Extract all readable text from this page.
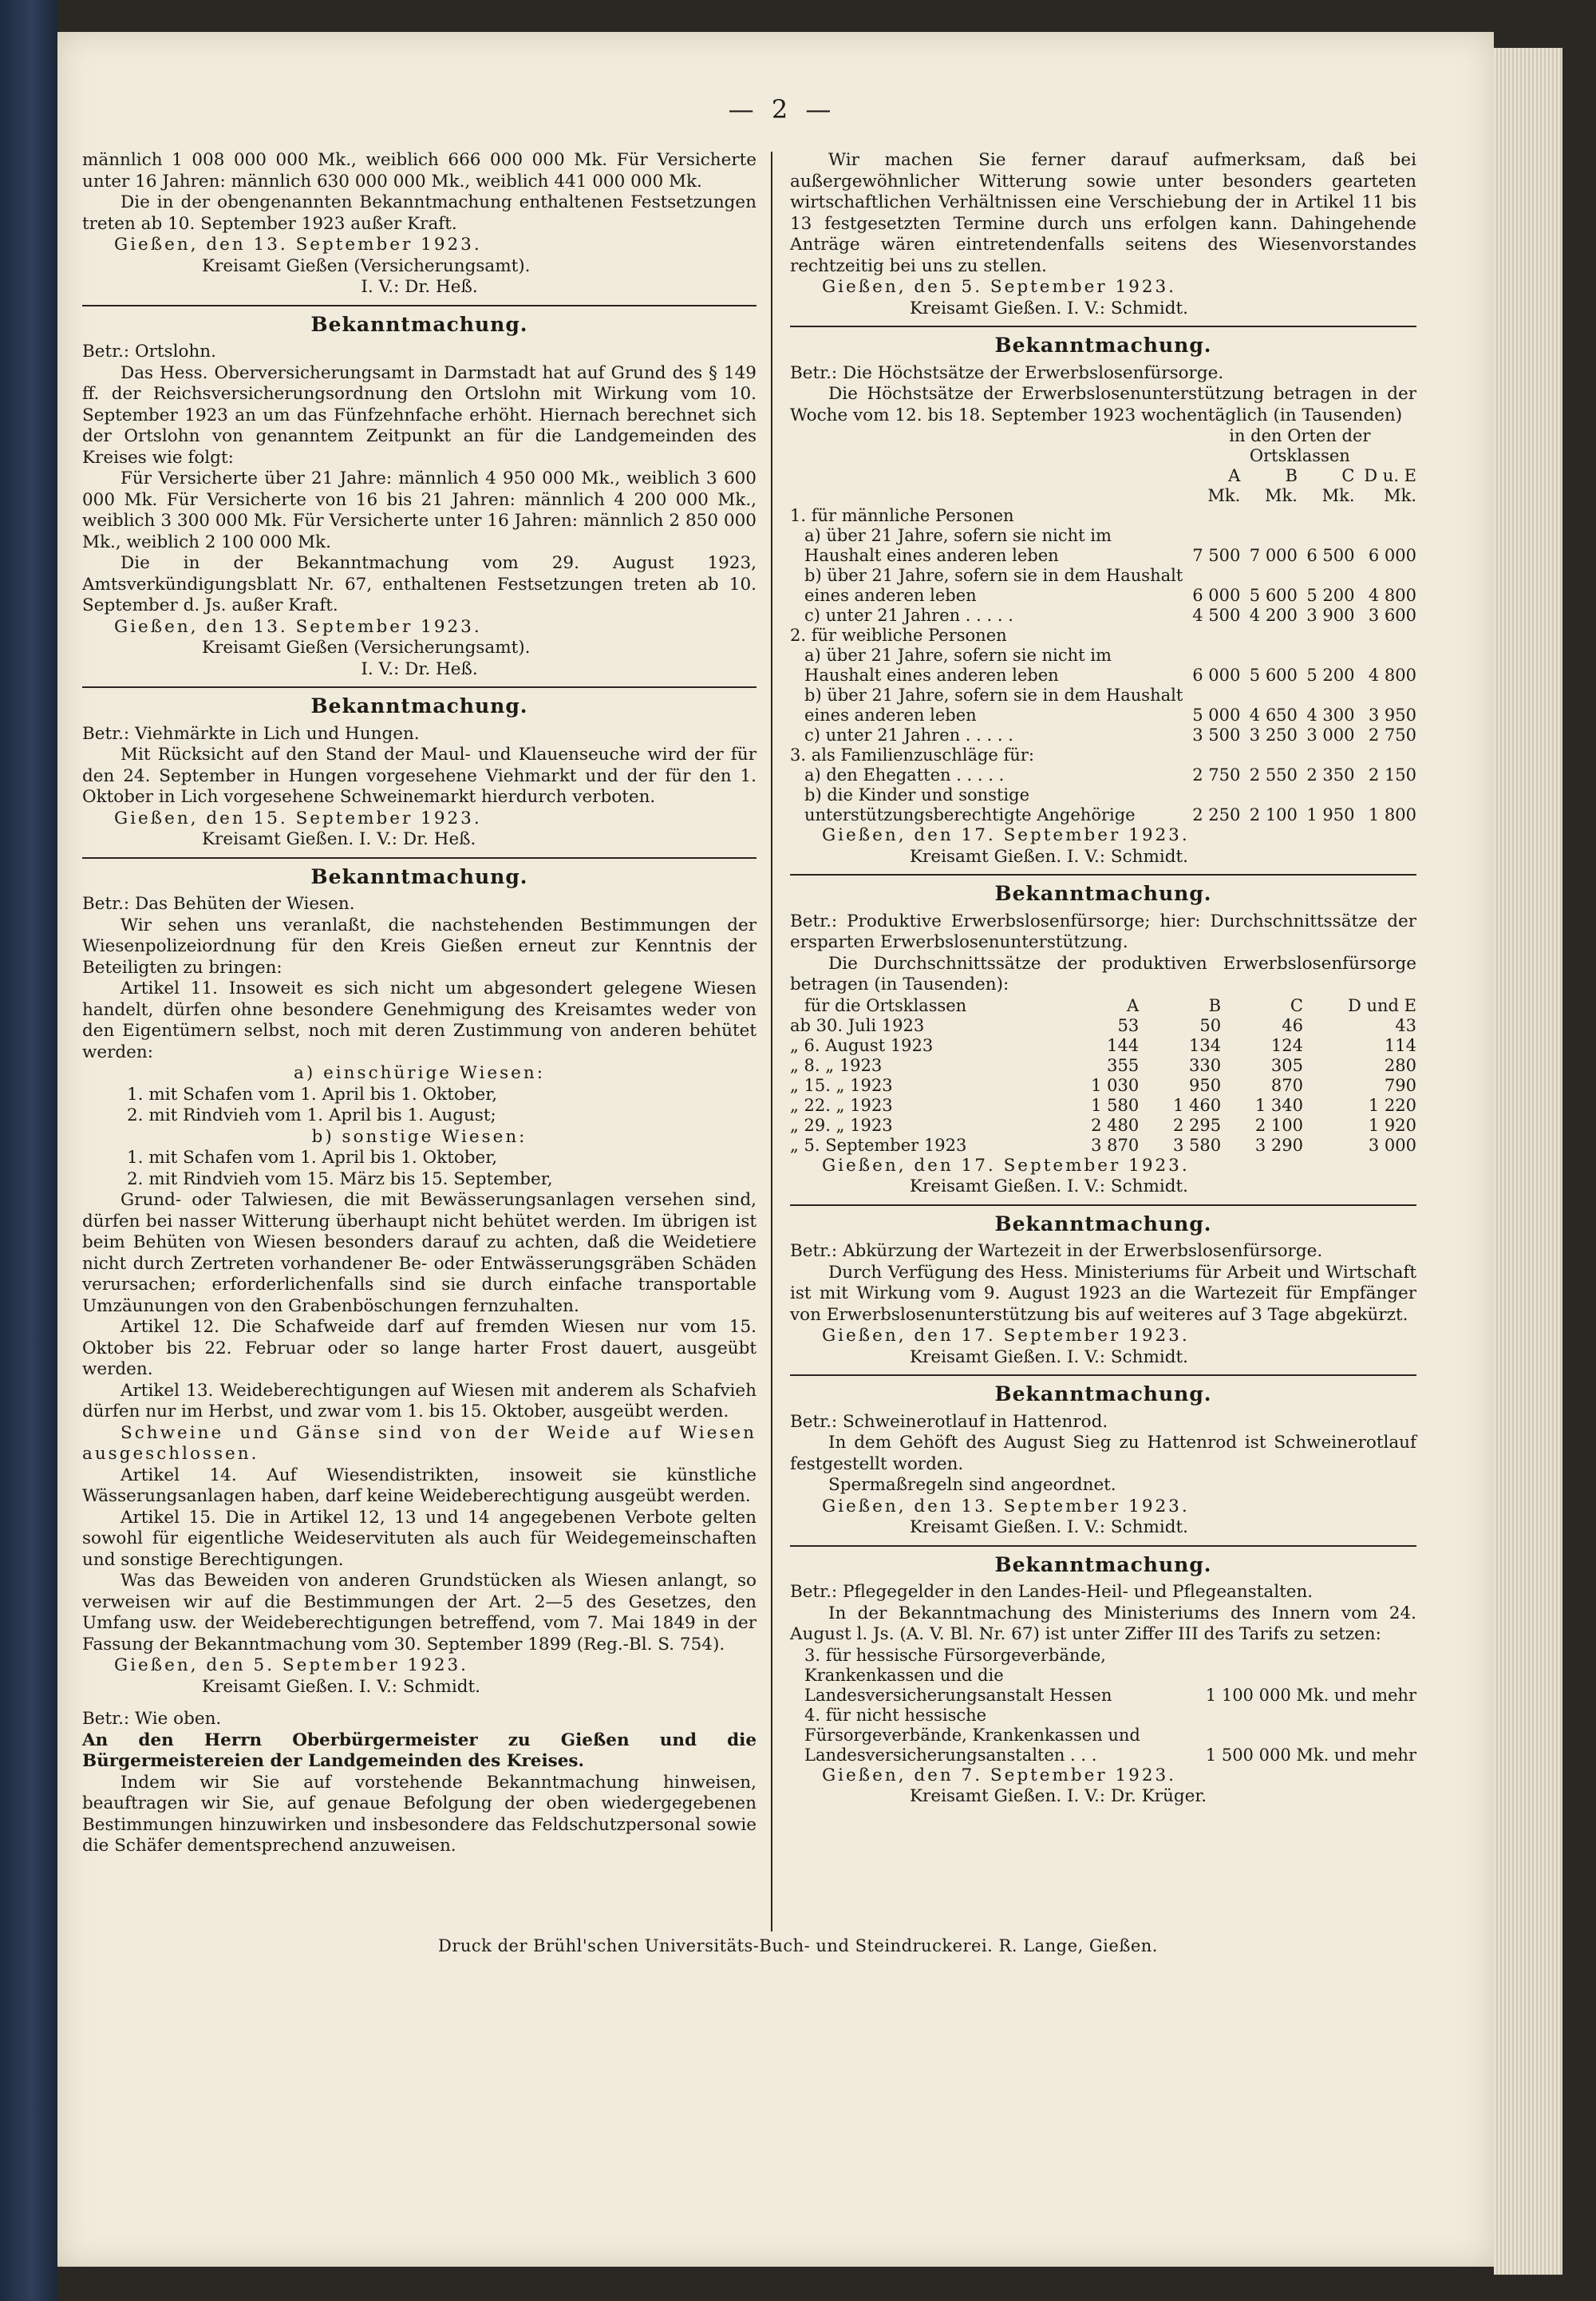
— 2 —

männlich 1 008 000 000 Mk., weiblich 666 000 000 Mk. Für Versicherte unter 16 Jahren: männlich 630 000 000 Mk., weiblich 441 000 000 Mk.

Die in der obengenannten Bekanntmachung enthaltenen Festsetzungen treten ab 10. September 1923 außer Kraft.

Gießen, den 13. September 1923.

Kreisamt Gießen (Versicherungsamt).

I. V.: Dr. Heß.

Bekanntmachung.

Betr.: Ortslohn.

Das Hess. Oberversicherungsamt in Darmstadt hat auf Grund des § 149 ff. der Reichsversicherungsordnung den Ortslohn mit Wirkung vom 10. September 1923 an um das Fünfzehnfache erhöht. Hiernach berechnet sich der Ortslohn von genanntem Zeitpunkt an für die Landgemeinden des Kreises wie folgt:

Für Versicherte über 21 Jahre: männlich 4 950 000 Mk., weiblich 3 600 000 Mk. Für Versicherte von 16 bis 21 Jahren: männlich 4 200 000 Mk., weiblich 3 300 000 Mk. Für Versicherte unter 16 Jahren: männlich 2 850 000 Mk., weiblich 2 100 000 Mk.

Die in der Bekanntmachung vom 29. August 1923, Amtsverkündigungsblatt Nr. 67, enthaltenen Festsetzungen treten ab 10. September d. Js. außer Kraft.

Gießen, den 13. September 1923.

Kreisamt Gießen (Versicherungsamt).

I. V.: Dr. Heß.

Bekanntmachung.

Betr.: Viehmärkte in Lich und Hungen.

Mit Rücksicht auf den Stand der Maul- und Klauenseuche wird der für den 24. September in Hungen vorgesehene Viehmarkt und der für den 1. Oktober in Lich vorgesehene Schweinemarkt hierdurch verboten.

Gießen, den 15. September 1923.

Kreisamt Gießen. I. V.: Dr. Heß.

Bekanntmachung.

Betr.: Das Behüten der Wiesen.

Wir sehen uns veranlaßt, die nachstehenden Bestimmungen der Wiesenpolizeiordnung für den Kreis Gießen erneut zur Kenntnis der Beteiligten zu bringen:

Artikel 11. Insoweit es sich nicht um abgesondert gelegene Wiesen handelt, dürfen ohne besondere Genehmigung des Kreisamtes weder von den Eigentümern selbst, noch mit deren Zustimmung von anderen behütet werden:

a) einschürige Wiesen:

1. mit Schafen vom 1. April bis 1. Oktober,

2. mit Rindvieh vom 1. April bis 1. August;

b) sonstige Wiesen:

1. mit Schafen vom 1. April bis 1. Oktober,

2. mit Rindvieh vom 15. März bis 15. September,

Grund- oder Talwiesen, die mit Bewässerungsanlagen versehen sind, dürfen bei nasser Witterung überhaupt nicht behütet werden. Im übrigen ist beim Behüten von Wiesen besonders darauf zu achten, daß die Weidetiere nicht durch Zertreten vorhandener Be- oder Entwässerungsgräben Schäden verursachen; erforderlichenfalls sind sie durch einfache transportable Umzäunungen von den Grabenböschungen fernzuhalten.

Artikel 12. Die Schafweide darf auf fremden Wiesen nur vom 15. Oktober bis 22. Februar oder so lange harter Frost dauert, ausgeübt werden.

Artikel 13. Weideberechtigungen auf Wiesen mit anderem als Schafvieh dürfen nur im Herbst, und zwar vom 1. bis 15. Oktober, ausgeübt werden.

Schweine und Gänse sind von der Weide auf Wiesen ausgeschlossen.

Artikel 14. Auf Wiesendistrikten, insoweit sie künstliche Wässerungsanlagen haben, darf keine Weideberechtigung ausgeübt werden.

Artikel 15. Die in Artikel 12, 13 und 14 angegebenen Verbote gelten sowohl für eigentliche Weideservituten als auch für Weidegemeinschaften und sonstige Berechtigungen.

Was das Beweiden von anderen Grundstücken als Wiesen anlangt, so verweisen wir auf die Bestimmungen der Art. 2—5 des Gesetzes, den Umfang usw. der Weideberechtigungen betreffend, vom 7. Mai 1849 in der Fassung der Bekanntmachung vom 30. September 1899 (Reg.-Bl. S. 754).

Gießen, den 5. September 1923.

Kreisamt Gießen. I. V.: Schmidt.

Betr.: Wie oben.

An den Herrn Oberbürgermeister zu Gießen und die Bürgermeistereien der Landgemeinden des Kreises.

Indem wir Sie auf vorstehende Bekanntmachung hinweisen, beauftragen wir Sie, auf genaue Befolgung der oben wiedergegebenen Bestimmungen hinzuwirken und insbesondere das Feldschutzpersonal sowie die Schäfer dementsprechend anzuweisen.

Wir machen Sie ferner darauf aufmerksam, daß bei außergewöhnlicher Witterung sowie unter besonders gearteten wirtschaftlichen Verhältnissen eine Verschiebung der in Artikel 11 bis 13 festgesetzten Termine durch uns erfolgen kann. Dahingehende Anträge wären eintretendenfalls seitens des Wiesenvorstandes rechtzeitig bei uns zu stellen.

Gießen, den 5. September 1923.

Kreisamt Gießen. I. V.: Schmidt.

Bekanntmachung.

Betr.: Die Höchstsätze der Erwerbslosenfürsorge.

Die Höchstsätze der Erwerbslosenunterstützung betragen in der Woche vom 12. bis 18. September 1923 wochentäglich (in Tausenden)

	in den Orten der Ortsklassen			
	A	B	C	D u. E
	Mk.	Mk.	Mk.	Mk.
1. für männliche Personen				
a) über 21 Jahre, sofern sie nicht im Haushalt eines anderen leben	7 500	7 000	6 500	6 000
b) über 21 Jahre, sofern sie in dem Haushalt eines anderen leben	6 000	5 600	5 200	4 800
c) unter 21 Jahren . . . . .	4 500	4 200	3 900	3 600
2. für weibliche Personen				
a) über 21 Jahre, sofern sie nicht im Haushalt eines anderen leben	6 000	5 600	5 200	4 800
b) über 21 Jahre, sofern sie in dem Haushalt eines anderen leben	5 000	4 650	4 300	3 950
c) unter 21 Jahren . . . . .	3 500	3 250	3 000	2 750
3. als Familienzuschläge für:				
a) den Ehegatten . . . . .	2 750	2 550	2 350	2 150
b) die Kinder und sonstige unterstützungsberechtigte Angehörige	2 250	2 100	1 950	1 800

Gießen, den 17. September 1923.

Kreisamt Gießen. I. V.: Schmidt.

Bekanntmachung.

Betr.: Produktive Erwerbslosenfürsorge; hier: Durchschnittssätze der ersparten Erwerbslosenunterstützung.

Die Durchschnittssätze der produktiven Erwerbslosenfürsorge betragen (in Tausenden):

für die Ortsklassen	A	B	C	D und E
ab 30. Juli 1923	53	50	46	43
„ 6. August 1923	144	134	124	114
„ 8. „ 1923	355	330	305	280
„ 15. „ 1923	1 030	950	870	790
„ 22. „ 1923	1 580	1 460	1 340	1 220
„ 29. „ 1923	2 480	2 295	2 100	1 920
„ 5. September 1923	3 870	3 580	3 290	3 000

Gießen, den 17. September 1923.

Kreisamt Gießen. I. V.: Schmidt.

Bekanntmachung.

Betr.: Abkürzung der Wartezeit in der Erwerbslosenfürsorge.

Durch Verfügung des Hess. Ministeriums für Arbeit und Wirtschaft ist mit Wirkung vom 9. August 1923 an die Wartezeit für Empfänger von Erwerbslosenunterstützung bis auf weiteres auf 3 Tage abgekürzt.

Gießen, den 17. September 1923.

Kreisamt Gießen. I. V.: Schmidt.

Bekanntmachung.

Betr.: Schweinerotlauf in Hattenrod.

In dem Gehöft des August Sieg zu Hattenrod ist Schweinerotlauf festgestellt worden.

Spermaßregeln sind angeordnet.

Gießen, den 13. September 1923.

Kreisamt Gießen. I. V.: Schmidt.

Bekanntmachung.

Betr.: Pflegegelder in den Landes-Heil- und Pflegeanstalten.

In der Bekanntmachung des Ministeriums des Innern vom 24. August l. Js. (A. V. Bl. Nr. 67) ist unter Ziffer III des Tarifs zu setzen:

3. für hessische Fürsorgeverbände, Krankenkassen und die Landesversicherungsanstalt Hessen	1 100 000 Mk. und mehr
4. für nicht hessische Fürsorgeverbände, Krankenkassen und Landesversicherungsanstalten . . .	1 500 000 Mk. und mehr

Gießen, den 7. September 1923.

Kreisamt Gießen. I. V.: Dr. Krüger.

Druck der Brühl'schen Universitäts-Buch- und Steindruckerei. R. Lange, Gießen.
